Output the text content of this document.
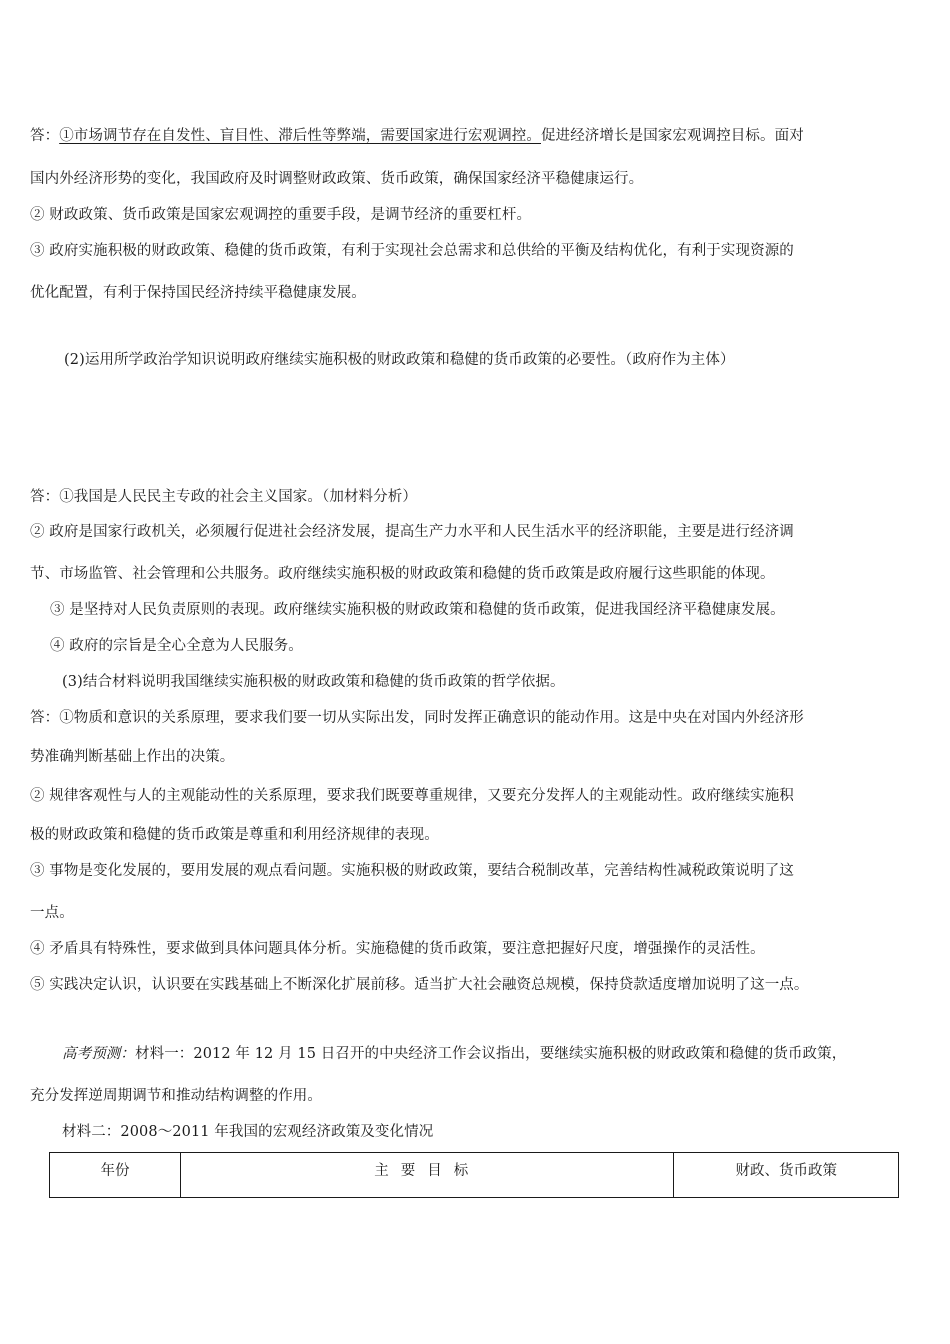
答：①市场调节存在自发性、盲目性、滞后性等弊端，需要国家进行宏观调控。促进经济增长是国家宏观调控目标。面对
国内外经济形势的变化，我国政府及时调整财政政策、货币政策，确保国家经济平稳健康运行。
② 财政政策、货币政策是国家宏观调控的重要手段，是调节经济的重要杠杆。
③ 政府实施积极的财政政策、稳健的货币政策，有利于实现社会总需求和总供给的平衡及结构优化，有利于实现资源的
优化配置，有利于保持国民经济持续平稳健康发展。
(2)运用所学政治学知识说明政府继续实施积极的财政政策和稳健的货币政策的必要性。（政府作为主体）
答：①我国是人民民主专政的社会主义国家。（加材料分析）
② 政府是国家行政机关，必须履行促进社会经济发展，提高生产力水平和人民生活水平的经济职能，主要是进行经济调
节、市场监管、社会管理和公共服务。政府继续实施积极的财政政策和稳健的货币政策是政府履行这些职能的体现。
③ 是坚持对人民负责原则的表现。政府继续实施积极的财政政策和稳健的货币政策，促进我国经济平稳健康发展。
④ 政府的宗旨是全心全意为人民服务。
(3)结合材料说明我国继续实施积极的财政政策和稳健的货币政策的哲学依据。
答：①物质和意识的关系原理，要求我们要一切从实际出发，同时发挥正确意识的能动作用。这是中央在对国内外经济形
势准确判断基础上作出的决策。
② 规律客观性与人的主观能动性的关系原理，要求我们既要尊重规律，又要充分发挥人的主观能动性。政府继续实施积
极的财政政策和稳健的货币政策是尊重和利用经济规律的表现。
③ 事物是变化发展的，要用发展的观点看问题。实施积极的财政政策，要结合税制改革，完善结构性减税政策说明了这
一点。
④ 矛盾具有特殊性，要求做到具体问题具体分析。实施稳健的货币政策，要注意把握好尺度，增强操作的灵活性。
⑤ 实践决定认识，认识要在实践基础上不断深化扩展前移。适当扩大社会融资总规模，保持贷款适度增加说明了这一点。
高考预测：材料一：2012 年 12 月 15 日召开的中央经济工作会议指出，要继续实施积极的财政政策和稳健的货币政策，
充分发挥逆周期调节和推动结构调整的作用。
材料二：2008～2011 年我国的宏观经济政策及变化情况
年份	主要目标	财政、货币政策
